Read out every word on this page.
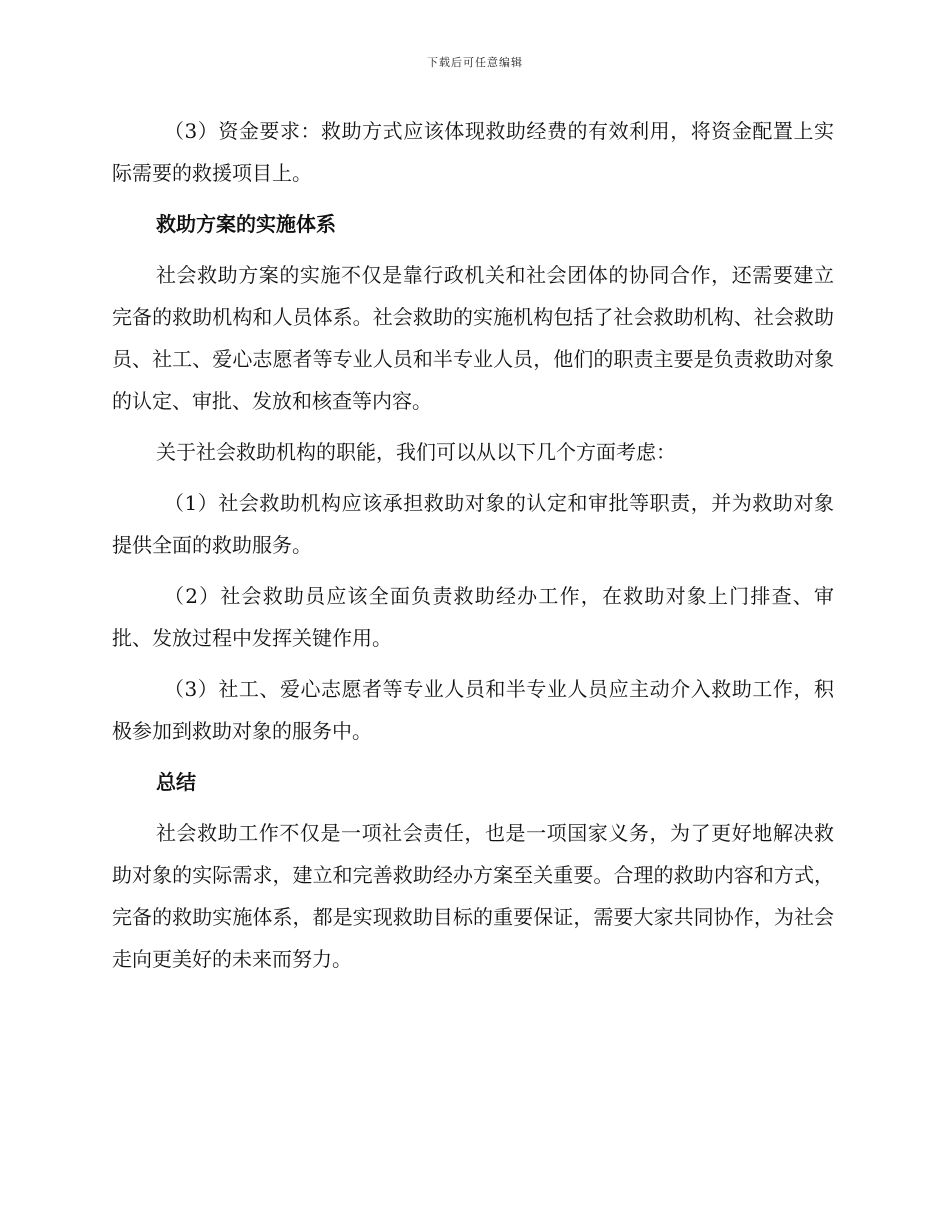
下载后可任意编辑

（3）资金要求：救助方式应该体现救助经费的有效利用，将资金配置上实际需要的救援项目上。

救助方案的实施体系

社会救助方案的实施不仅是靠行政机关和社会团体的协同合作，还需要建立完备的救助机构和人员体系。社会救助的实施机构包括了社会救助机构、社会救助员、社工、爱心志愿者等专业人员和半专业人员，他们的职责主要是负责救助对象的认定、审批、发放和核查等内容。

关于社会救助机构的职能，我们可以从以下几个方面考虑：

（1）社会救助机构应该承担救助对象的认定和审批等职责，并为救助对象提供全面的救助服务。

（2）社会救助员应该全面负责救助经办工作，在救助对象上门排查、审批、发放过程中发挥关键作用。

（3）社工、爱心志愿者等专业人员和半专业人员应主动介入救助工作，积极参加到救助对象的服务中。

总结

社会救助工作不仅是一项社会责任，也是一项国家义务，为了更好地解决救助对象的实际需求，建立和完善救助经办方案至关重要。合理的救助内容和方式，完备的救助实施体系，都是实现救助目标的重要保证，需要大家共同协作，为社会走向更美好的未来而努力。
